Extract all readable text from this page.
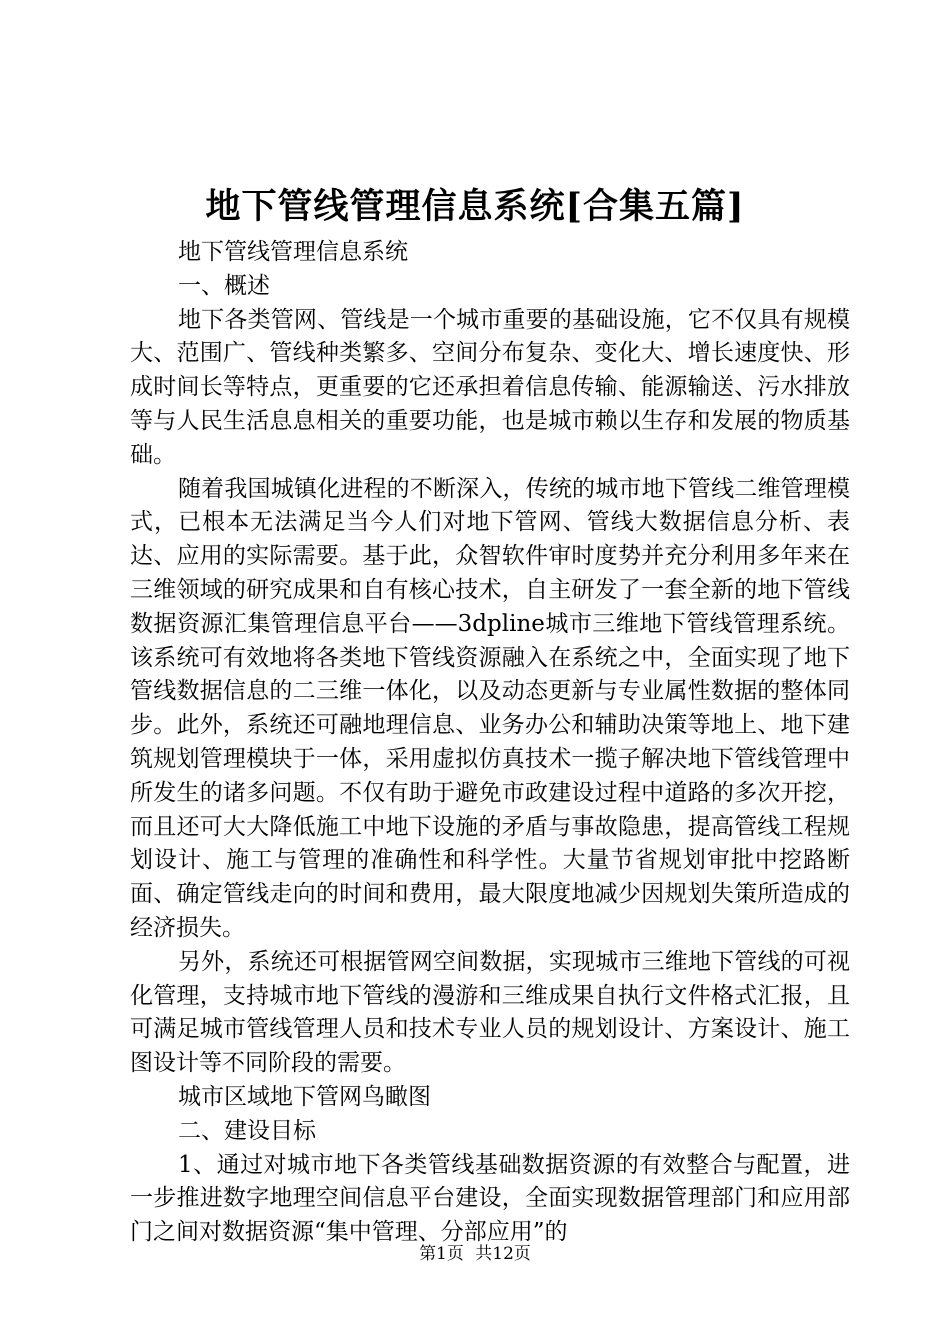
地下管线管理信息系统[合集五篇]

地下管线管理信息系统

一、概述

地下各类管网、管线是一个城市重要的基础设施，它不仅具有规模大、范围广、管线种类繁多、空间分布复杂、变化大、增长速度快、形成时间长等特点，更重要的它还承担着信息传输、能源输送、污水排放等与人民生活息息相关的重要功能，也是城市赖以生存和发展的物质基础。

随着我国城镇化进程的不断深入，传统的城市地下管线二维管理模式，已根本无法满足当今人们对地下管网、管线大数据信息分析、表达、应用的实际需要。基于此，众智软件审时度势并充分利用多年来在三维领域的研究成果和自有核心技术，自主研发了一套全新的地下管线数据资源汇集管理信息平台——3dpline城市三维地下管线管理系统。该系统可有效地将各类地下管线资源融入在系统之中，全面实现了地下管线数据信息的二三维一体化，以及动态更新与专业属性数据的整体同步。此外，系统还可融地理信息、业务办公和辅助决策等地上、地下建筑规划管理模块于一体，采用虚拟仿真技术一揽子解决地下管线管理中所发生的诸多问题。不仅有助于避免市政建设过程中道路的多次开挖，而且还可大大降低施工中地下设施的矛盾与事故隐患，提高管线工程规划设计、施工与管理的准确性和科学性。大量节省规划审批中挖路断面、确定管线走向的时间和费用，最大限度地减少因规划失策所造成的经济损失。

另外，系统还可根据管网空间数据，实现城市三维地下管线的可视化管理，支持城市地下管线的漫游和三维成果自执行文件格式汇报，且可满足城市管线管理人员和技术专业人员的规划设计、方案设计、施工图设计等不同阶段的需要。

城市区域地下管网鸟瞰图

二、建设目标

1、通过对城市地下各类管线基础数据资源的有效整合与配置，进一步推进数字地理空间信息平台建设，全面实现数据管理部门和应用部门之间对数据资源“集中管理、分部应用”的

第1页 共12页
